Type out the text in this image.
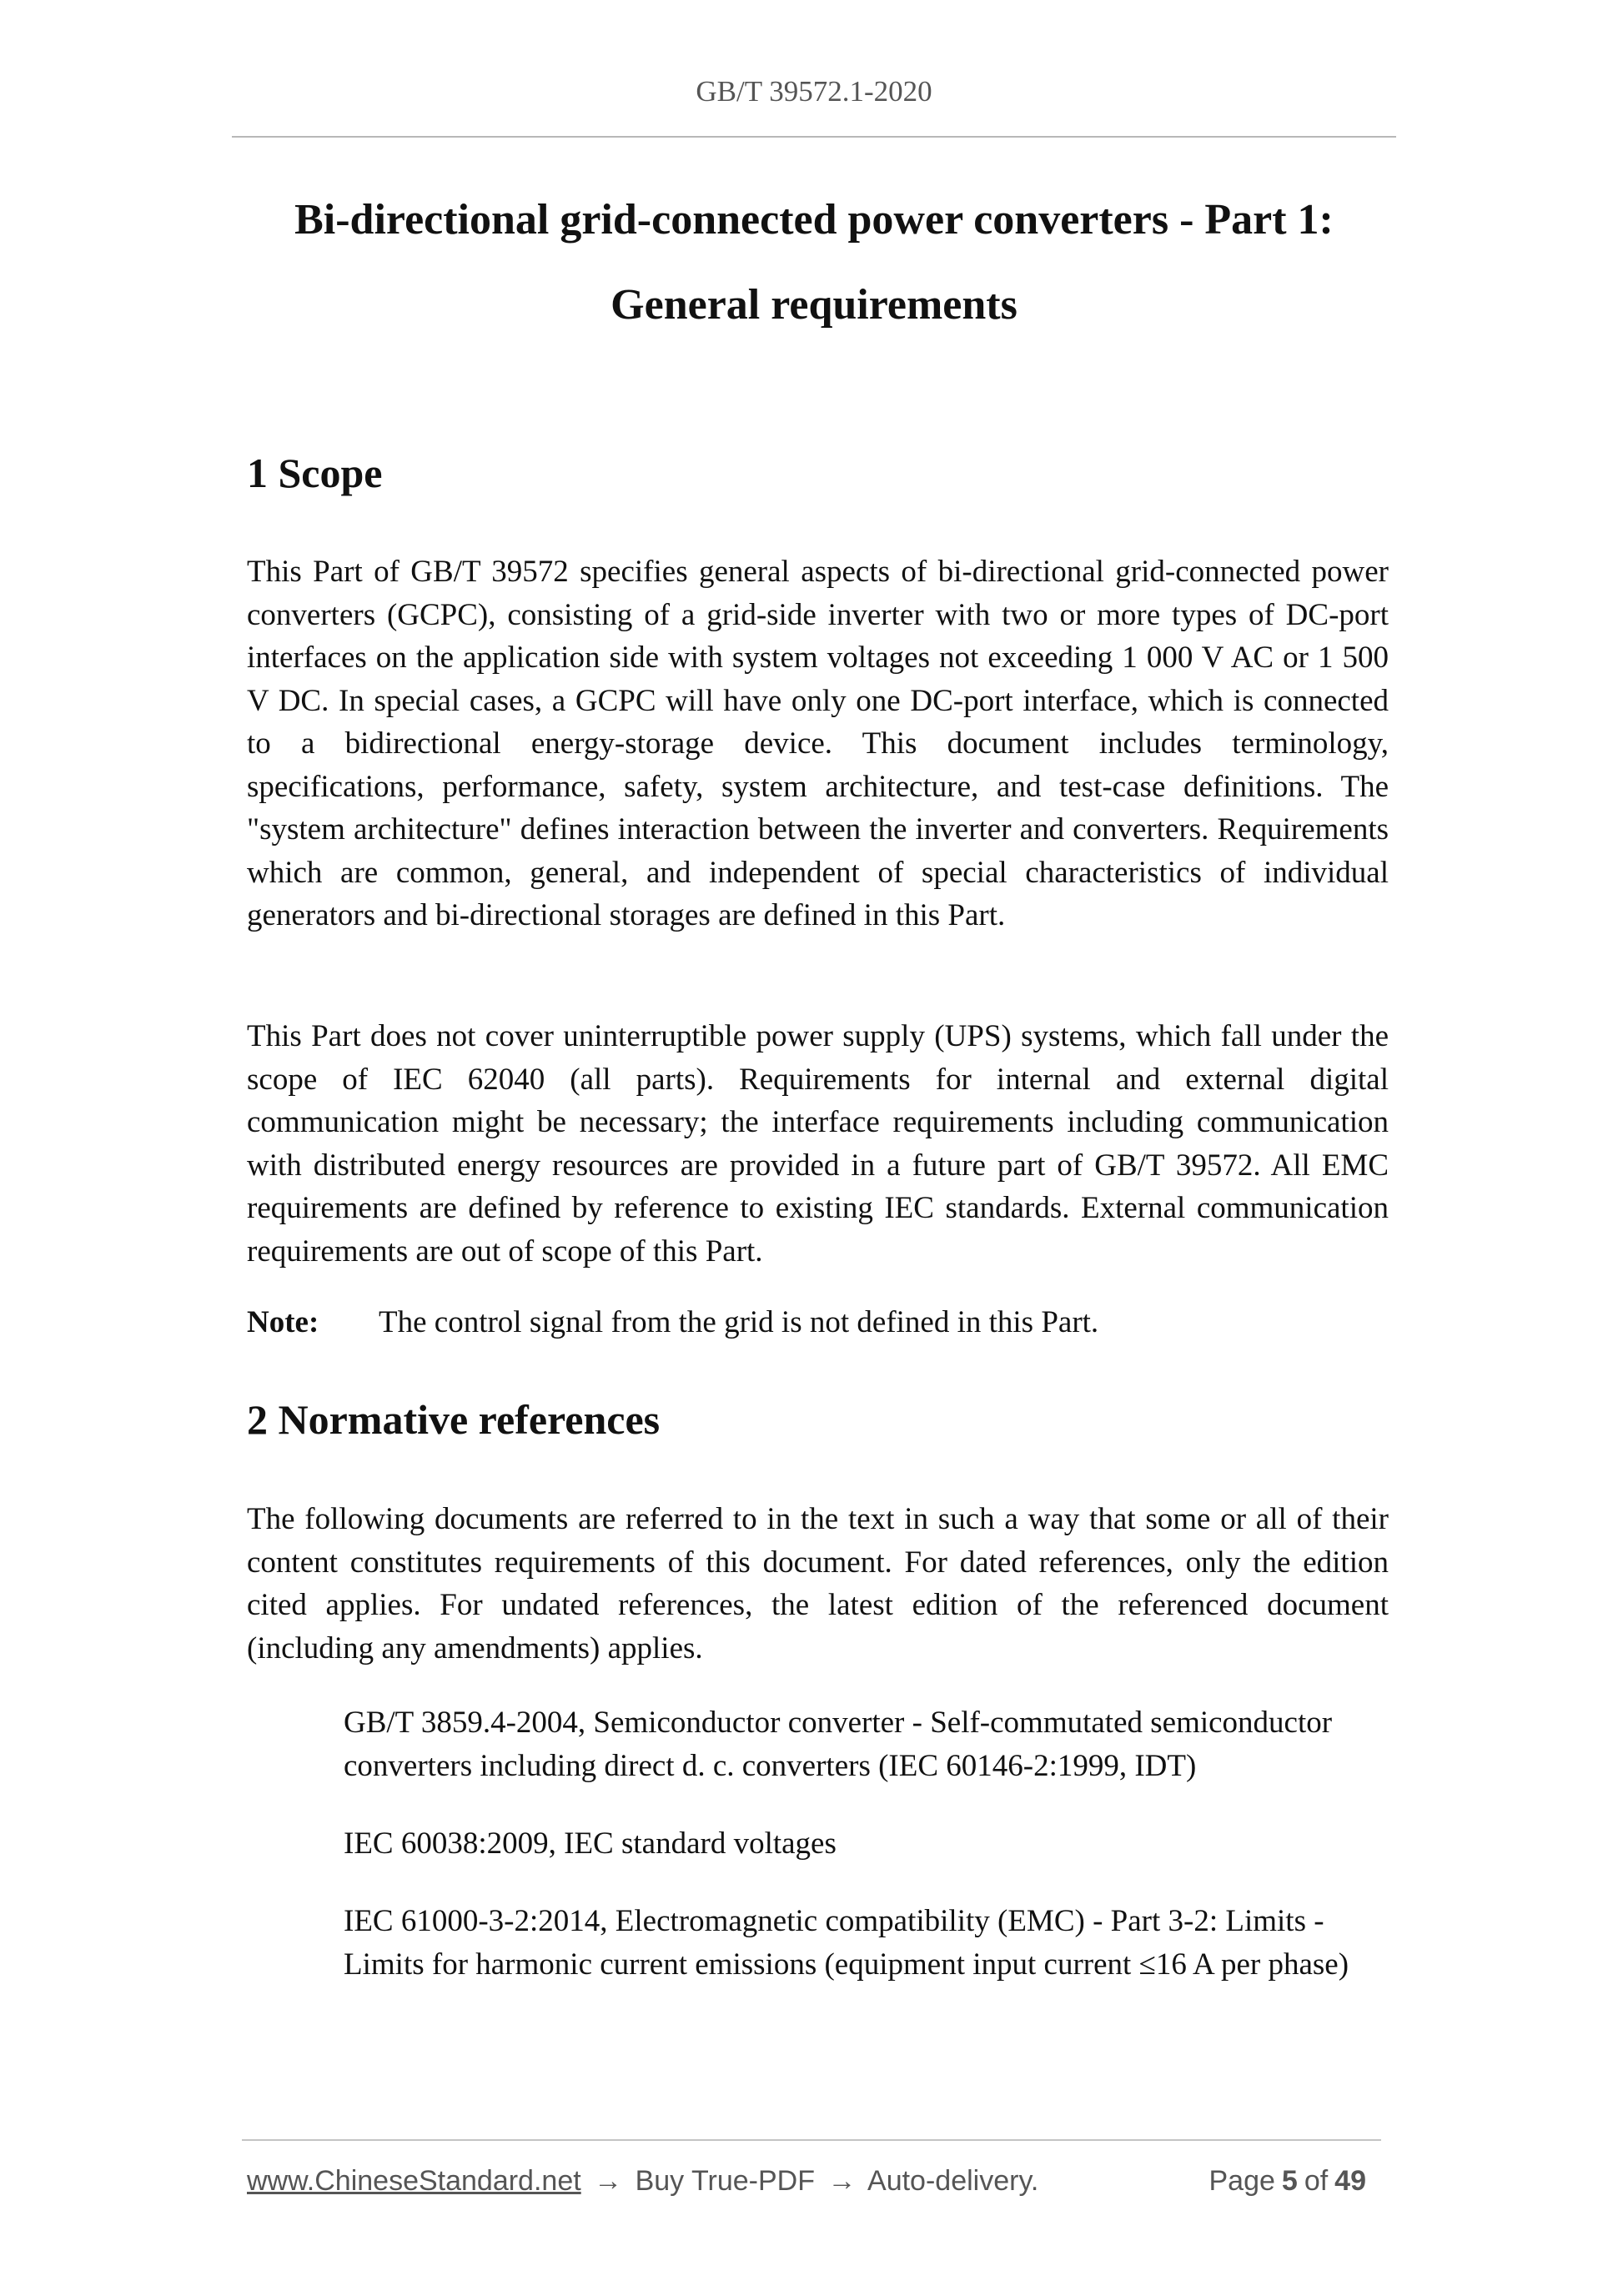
GB/T 39572.1-2020
Bi-directional grid-connected power converters - Part 1:
General requirements
1 Scope

This Part of GB/T 39572 specifies general aspects of bi-directional grid-connected power converters (GCPC), consisting of a grid-side inverter with two or more types of DC-port interfaces on the application side with system voltages not exceeding 1 000 V AC or 1 500 V DC. In special cases, a GCPC will have only one DC-port interface, which is connected to a bidirectional energy-storage device. This document includes terminology, specifications, performance, safety, system architecture, and test-case definitions. The "system architecture" defines interaction between the inverter and converters. Requirements which are common, general, and independent of special characteristics of individual generators and bi-directional storages are defined in this Part.

This Part does not cover uninterruptible power supply (UPS) systems, which fall under the scope of IEC 62040 (all parts). Requirements for internal and external digital communication might be necessary; the interface requirements including communication with distributed energy resources are provided in a future part of GB/T 39572. All EMC requirements are defined by reference to existing IEC standards. External communication requirements are out of scope of this Part.

Note: The control signal from the grid is not defined in this Part.
2 Normative references

The following documents are referred to in the text in such a way that some or all of their content constitutes requirements of this document. For dated references, only the edition cited applies. For undated references, the latest edition of the referenced document (including any amendments) applies.

GB/T 3859.4-2004, Semiconductor converter - Self-commutated semiconductor converters including direct d. c. converters (IEC 60146-2:1999, IDT)

IEC 60038:2009, IEC standard voltages

IEC 61000-3-2:2014, Electromagnetic compatibility (EMC) - Part 3-2: Limits - Limits for harmonic current emissions (equipment input current ≤16 A per phase)

www.ChineseStandard.net → Buy True-PDF → Auto-delivery.	Page 5 of 49
